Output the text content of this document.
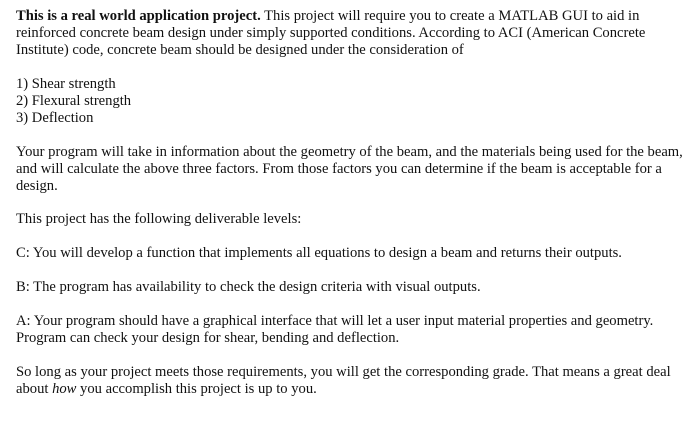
This is a real world application project. This project will require you to create a MATLAB GUI to aid in reinforced concrete beam design under simply supported conditions. According to ACI (American Concrete Institute) code, concrete beam should be designed under the consideration of

1) Shear strength
2) Flexural strength
3) Deflection

Your program will take in information about the geometry of the beam, and the materials being used for the beam, and will calculate the above three factors. From those factors you can determine if the beam is acceptable for a design.

This project has the following deliverable levels:

C: You will develop a function that implements all equations to design a beam and returns their outputs.

B: The program has availability to check the design criteria with visual outputs.

A: Your program should have a graphical interface that will let a user input material properties and geometry. Program can check your design for shear, bending and deflection.

So long as your project meets those requirements, you will get the corresponding grade. That means a great deal about how you accomplish this project is up to you.
